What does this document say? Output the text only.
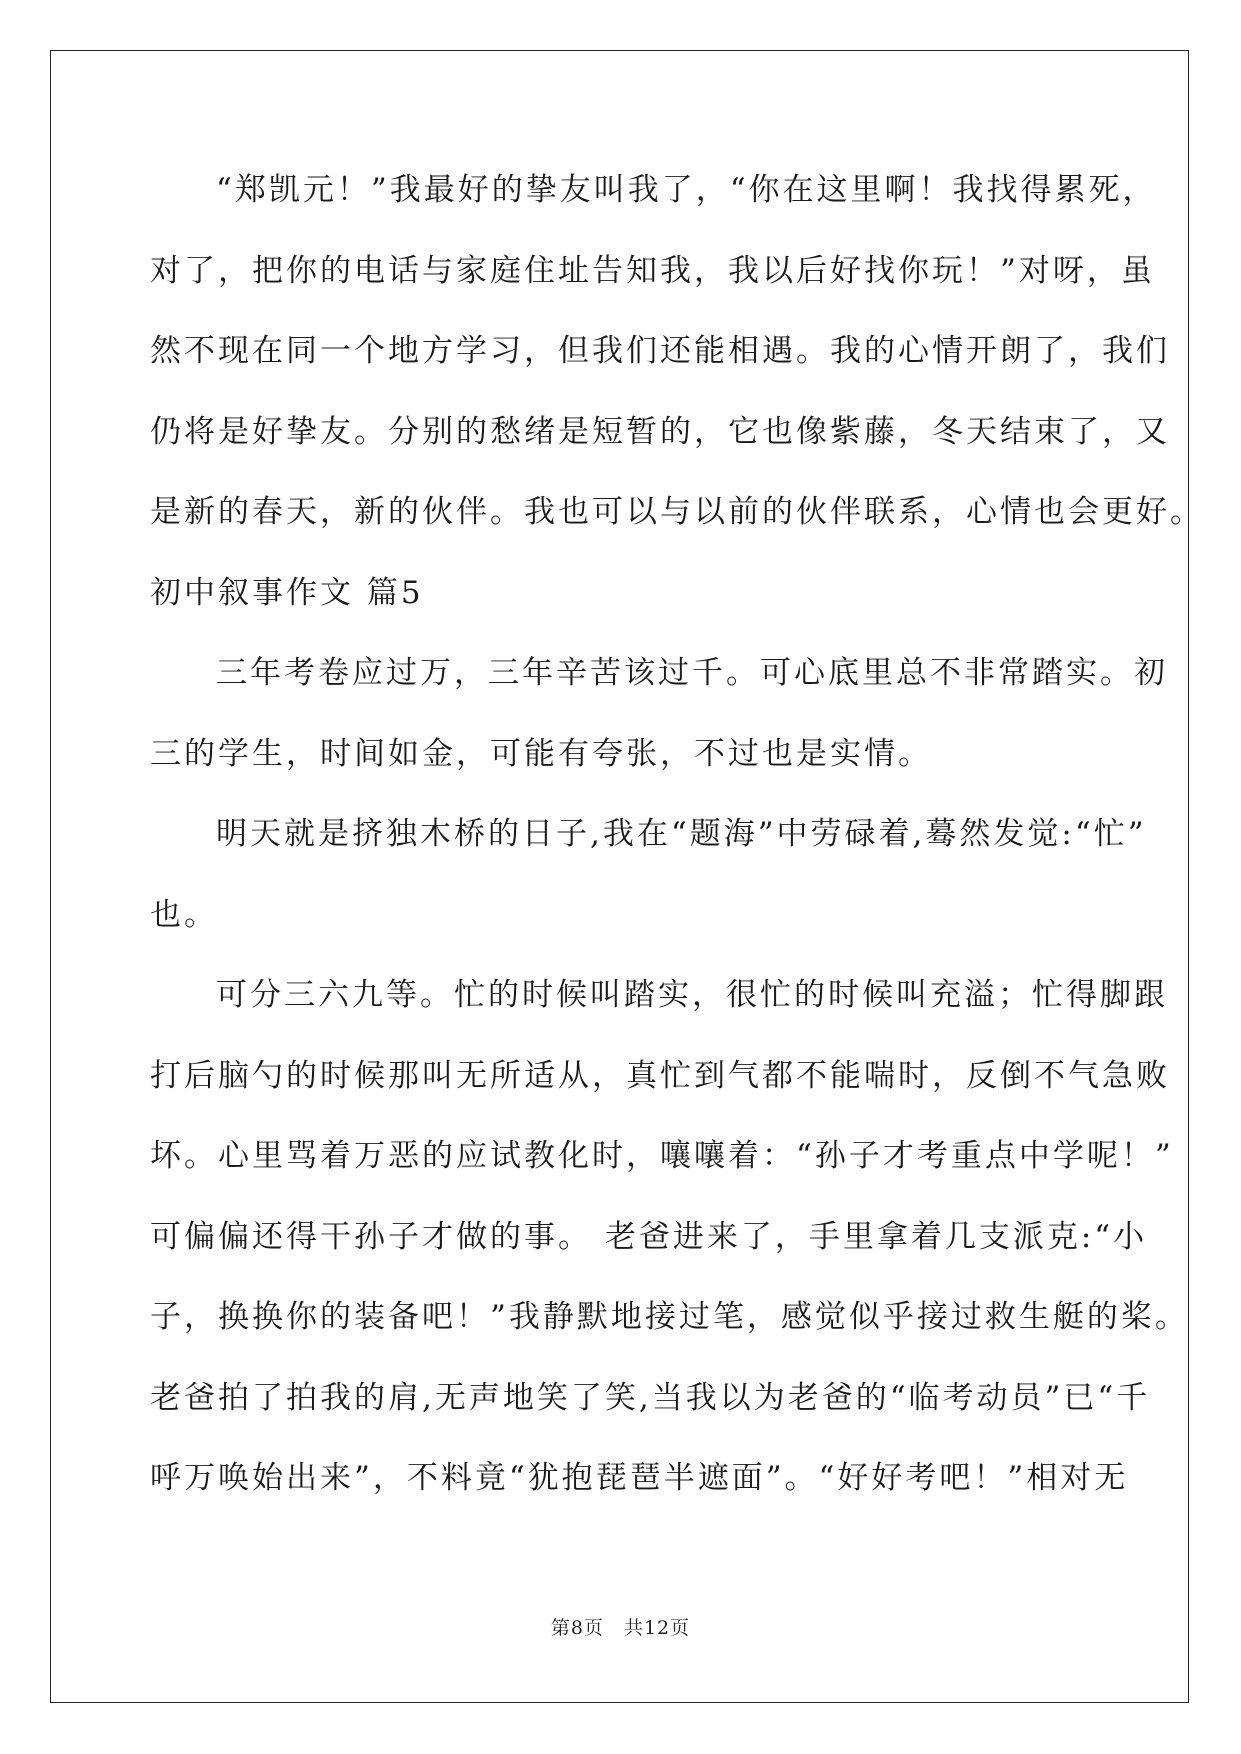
“郑凯元！”我最好的挚友叫我了，“你在这里啊！我找得累死，
对了，把你的电话与家庭住址告知我，我以后好找你玩！”对呀，虽
然不现在同一个地方学习，但我们还能相遇。我的心情开朗了，我们
仍将是好挚友。分别的愁绪是短暂的，它也像紫藤，冬天结束了，又
是新的春天，新的伙伴。我也可以与以前的伙伴联系，心情也会更好。
初中叙事作文 篇5
三年考卷应过万，三年辛苦该过千。可心底里总不非常踏实。初
三的学生，时间如金，可能有夸张，不过也是实情。
明天就是挤独木桥的日子,我在“题海”中劳碌着,蓦然发觉:“忙”
也。
可分三六九等。忙的时候叫踏实，很忙的时候叫充溢；忙得脚跟
打后脑勺的时候那叫无所适从，真忙到气都不能喘时，反倒不气急败
坏。心里骂着万恶的应试教化时，嚷嚷着：“孙子才考重点中学呢！”
可偏偏还得干孙子才做的事。 老爸进来了，手里拿着几支派克:“小
子，换换你的装备吧！”我静默地接过笔，感觉似乎接过救生艇的桨。
老爸拍了拍我的肩,无声地笑了笑,当我以为老爸的“临考动员”已“千
呼万唤始出来”，不料竟“犹抱琵琶半遮面”。“好好考吧！”相对无
第8页　共12页
